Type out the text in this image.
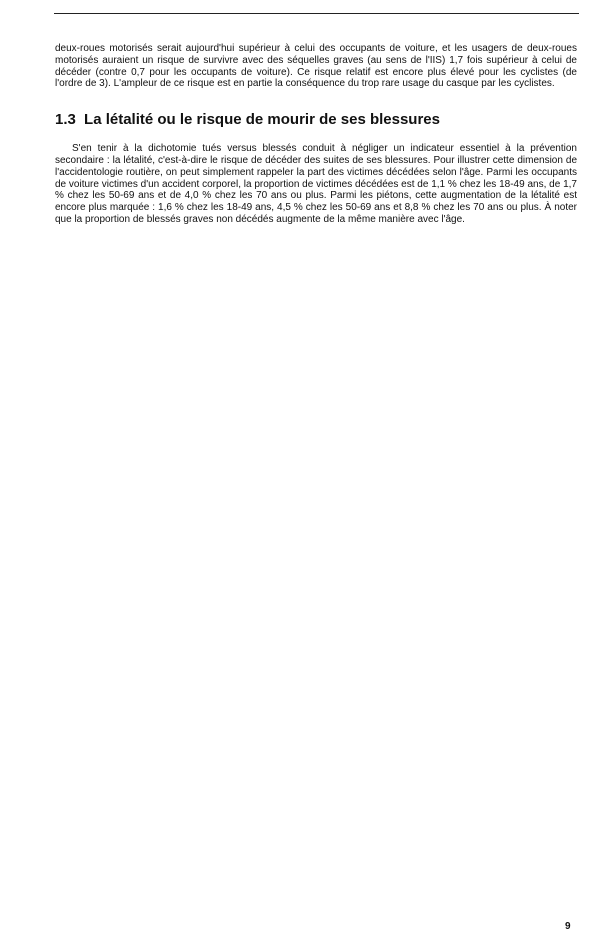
deux-roues motorisés serait aujourd'hui supérieur à celui des occupants de voiture, et les usagers de deux-roues motorisés auraient un risque de survivre avec des séquelles graves (au sens de l'IIS) 1,7 fois supérieur à celui de décéder (contre 0,7 pour les occupants de voiture). Ce risque relatif est encore plus élevé pour les cyclistes (de l'ordre de 3). L'ampleur de ce risque est en partie la conséquence du trop rare usage du casque par les cyclistes.

1.3 La létalité ou le risque de mourir de ses blessures

S'en tenir à la dichotomie tués versus blessés conduit à négliger un indicateur essentiel à la prévention secondaire : la létalité, c'est-à-dire le risque de décéder des suites de ses blessures. Pour illustrer cette dimension de l'accidentologie routière, on peut simplement rappeler la part des victimes décédées selon l'âge. Parmi les occupants de voiture victimes d'un accident corporel, la proportion de victimes décédées est de 1,1 % chez les 18-49 ans, de 1,7 % chez les 50-69 ans et de 4,0 % chez les 70 ans ou plus. Parmi les piétons, cette augmentation de la létalité est encore plus marquée : 1,6 % chez les 18-49 ans, 4,5 % chez les 50-69 ans et 8,8 % chez les 70 ans ou plus. À noter que la proportion de blessés graves non décédés augmente de la même manière avec l'âge.

9
